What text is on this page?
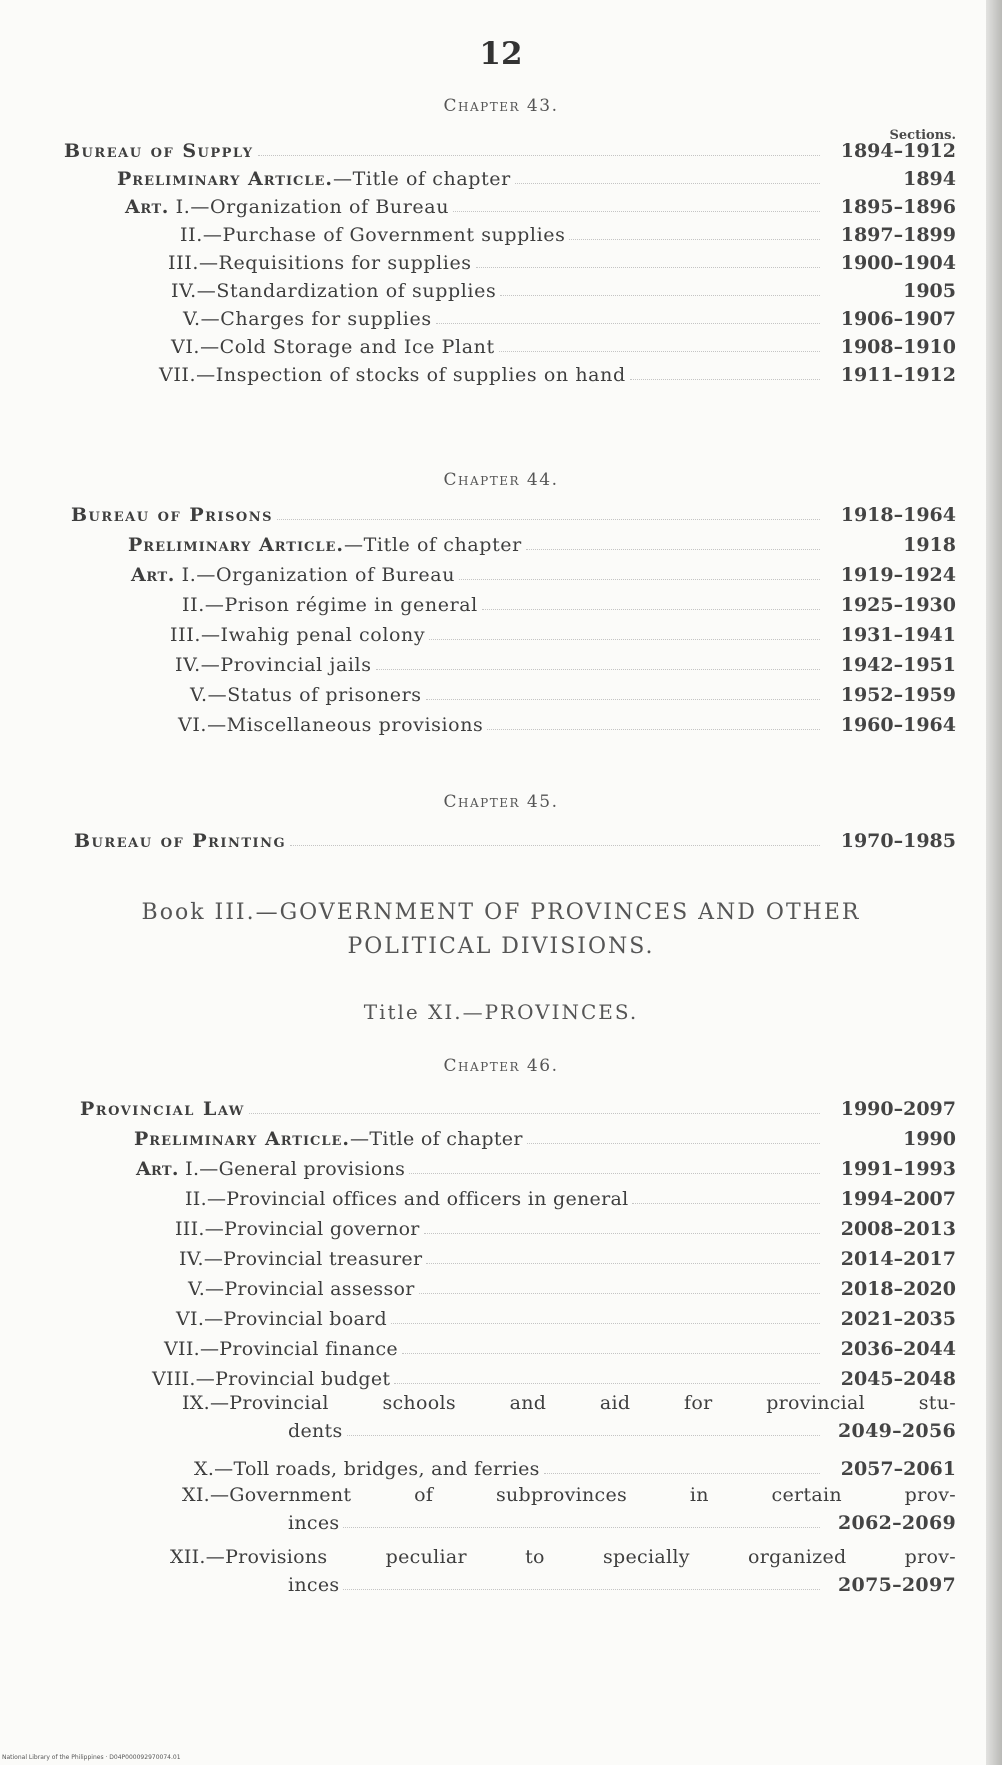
12
Chapter 43.
Sections.
Bureau of Supply	1894–1912
Preliminary Article.—Title of chapter	1894
Art. I.—Organization of Bureau	1895–1896
II.—Purchase of Government supplies	1897–1899
III.—Requisitions for supplies	1900–1904
IV.—Standardization of supplies	1905
V.—Charges for supplies	1906–1907
VI.—Cold Storage and Ice Plant	1908–1910
VII.—Inspection of stocks of supplies on hand	1911–1912
Chapter 44.
Bureau of Prisons	1918–1964
Preliminary Article.—Title of chapter	1918
Art. I.—Organization of Bureau	1919–1924
II.—Prison régime in general	1925–1930
III.—Iwahig penal colony	1931–1941
IV.—Provincial jails	1942–1951
V.—Status of prisoners	1952–1959
VI.—Miscellaneous provisions	1960–1964
Chapter 45.
Bureau of Printing	1970–1985
Book III.—GOVERNMENT OF PROVINCES AND OTHER
POLITICAL DIVISIONS.
Title XI.—PROVINCES.
Chapter 46.
Provincial Law	1990–2097
Preliminary Article.—Title of chapter	1990
Art. I.—General provisions	1991–1993
II.—Provincial offices and officers in general	1994–2007
III.—Provincial governor	2008–2013
IV.—Provincial treasurer	2014–2017
V.—Provincial assessor	2018–2020
VI.—Provincial board	2021–2035
VII.—Provincial finance	2036–2044
VIII.—Provincial budget	2045–2048
IX.—Provincial schools and aid for provincial stu-
dents	2049–2056
X.—Toll roads, bridges, and ferries	2057–2061
XI.—Government of subprovinces in certain prov-
inces	2062–2069
XII.—Provisions peculiar to specially organized prov-
inces	2075–2097
National Library of the Philippines · D04P000092970074.01
